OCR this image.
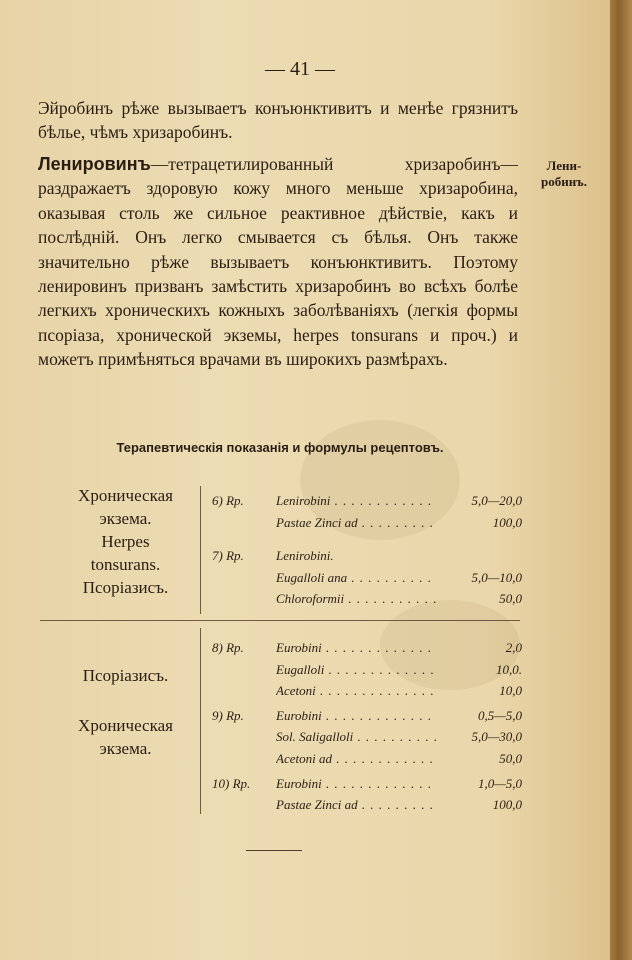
— 41 —

Эйробинъ рѣже вызываетъ конъюнктивитъ и менѣе грязнитъ бѣлье, чѣмъ хризаробинъ.

Ленировинъ—тетрацетилированный хризаробинъ—раздражаетъ здоровую кожу много меньше хризаробина, оказывая столь же сильное реактивное дѣйствіе, какъ и послѣдній. Онъ легко смывается съ бѣлья. Онъ также значительно рѣже вызываетъ конъюнктивитъ. Поэтому ленировинъ призванъ замѣстить хризаробинъ во всѣхъ болѣе легкихъ хроническихъ кожныхъ заболѣваніяхъ (легкія формы псоріаза, хронической экземы, herpes tonsurans и проч.) и можетъ примѣняться врачами въ широкихъ размѣрахъ.

Лени-робинъ.
Терапевтическія показанія и формулы рецептовъ.
Хроническая
экзема.
Herpes
tonsurans.
Псоріазисъ.
6) Rp.	Lenirobini . . .	5,0—20,0
Pastae Zinci ad . . .	100,0
7) Rp.	Lenirobini.
Eugalloli ana . . .	5,0—10,0
Chloroformii . . .	50,0
Псоріазисъ.
Хроническая
экзема.
8) Rp.	Eurobini . . .	2,0
Eugalloli . . .	10,0.
Acetoni . . .	10,0
9) Rp.	Eurobini . . .	0,5—5,0
Sol. Saligalloli . . .	5,0—30,0
Acetoni ad . . .	50,0
10) Rp.	Eurobini . . .	1,0—5,0
Pastae Zinci ad . . .	100,0
